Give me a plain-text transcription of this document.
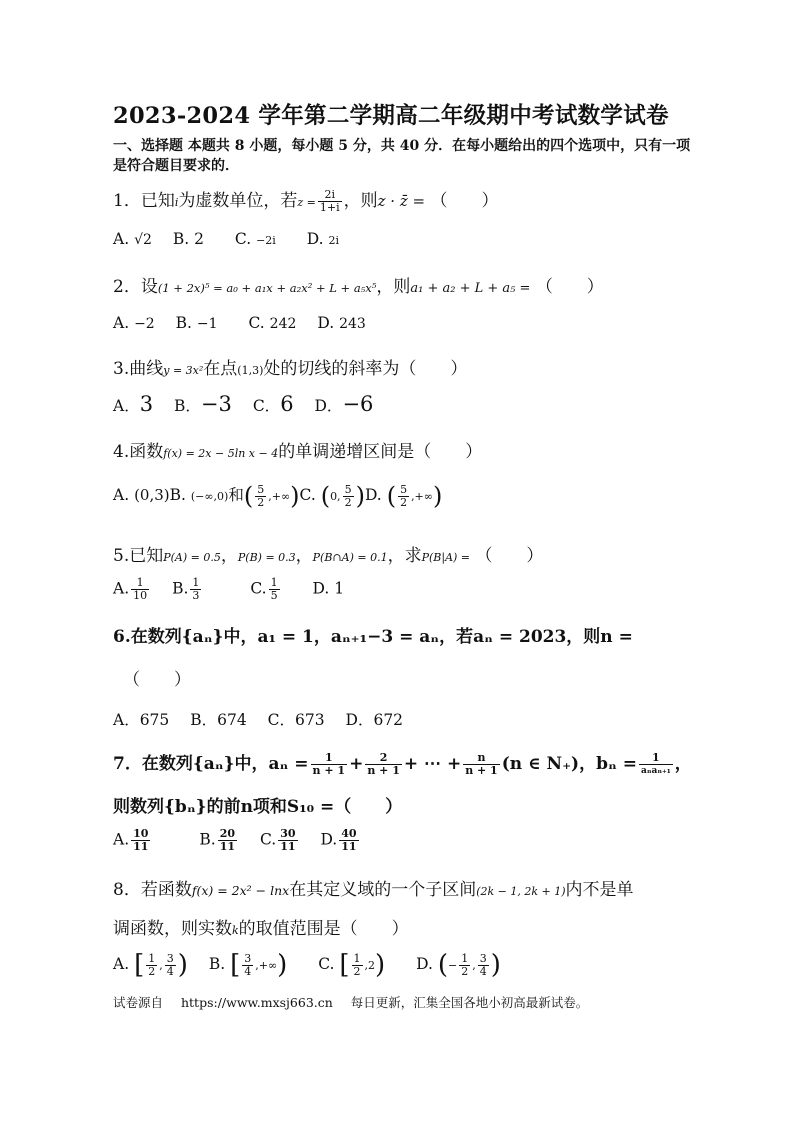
2023-2024 学年第二学期高二年级期中考试数学试卷
一、选择题 本题共 8 小题，每小题 5 分，共 40 分．在每小题给出的四个选项中，只有一项是符合题目要求的．
1．已知i为虚数单位，若$z = \frac{2i}{1+i}$ ，则z · z̄ = （　　）
A. √2 B. 2 C. −2i D. 2i
2．设(1 + 2x)⁵ = a₀ + a₁x + a₂x² + L + a₅x⁵，则a₁ + a₂ + L + a₅ = （　　）
A. −2 B. −1 C. 242 D. 243
3.曲线y = 3x²在点(1,3)处的切线的斜率为（　　）
A．3 B．−3 C．6 D．−6
4.函数f(x) = 2x − 5ln x − 4的单调递增区间是（　　）
A. (0,3)B. (−∞,0)和( $\frac{5}{2} ,+\infty)C$. (0, $\frac{5}{2} )D$. ( $\frac{5}{2}$ ,+∞)
5.已知P(A) = 0.5，P(B) = 0.3，P(B∩A) = 0.1，求P(B|A) = （　　）
A. $\frac{1}{10} B$. $\frac{1}{3}$	C. $\frac{1}{5} D$. 1
6.在数列{aₙ}中，a₁ = 1，aₙ₊₁−3 = aₙ，若aₙ = 2023，则n =
（　　）
A．675 B．674 C．673 D．672
7．在数列{aₙ}中，$a_n = \frac{1}{n + 1} + \frac{2}{n + 1}$ + ⋯ + $\frac{n}{n + 1} (n$ ∈ N₊)，$b_n = \frac{1}{\text{aₙaₙ₊₁}}$ ，
则数列{bₙ}的前n项和S₁₀ =（　　）
A. $\frac{10}{11}$	B. $\frac{20}{11} C$. $\frac{30}{11} D$. $\frac{40}{11}$
8．若函数f(x) = 2x² − lnx在其定义域的一个子区间(2k − 1, 2k + 1)内不是单
调函数，则实数k的取值范围是（　　）
A. [ $\frac{1}{2}$ , $\frac{3}{4}$ ) B. [ $\frac{3}{4}$ ,+∞) C. [ $\frac{1}{2} ,2$) D. (− $\frac{1}{2}$ , $\frac{3}{4}$ )
试卷源自 https://www.mxsj663.cn 每日更新，汇集全国各地小初高最新试卷。
